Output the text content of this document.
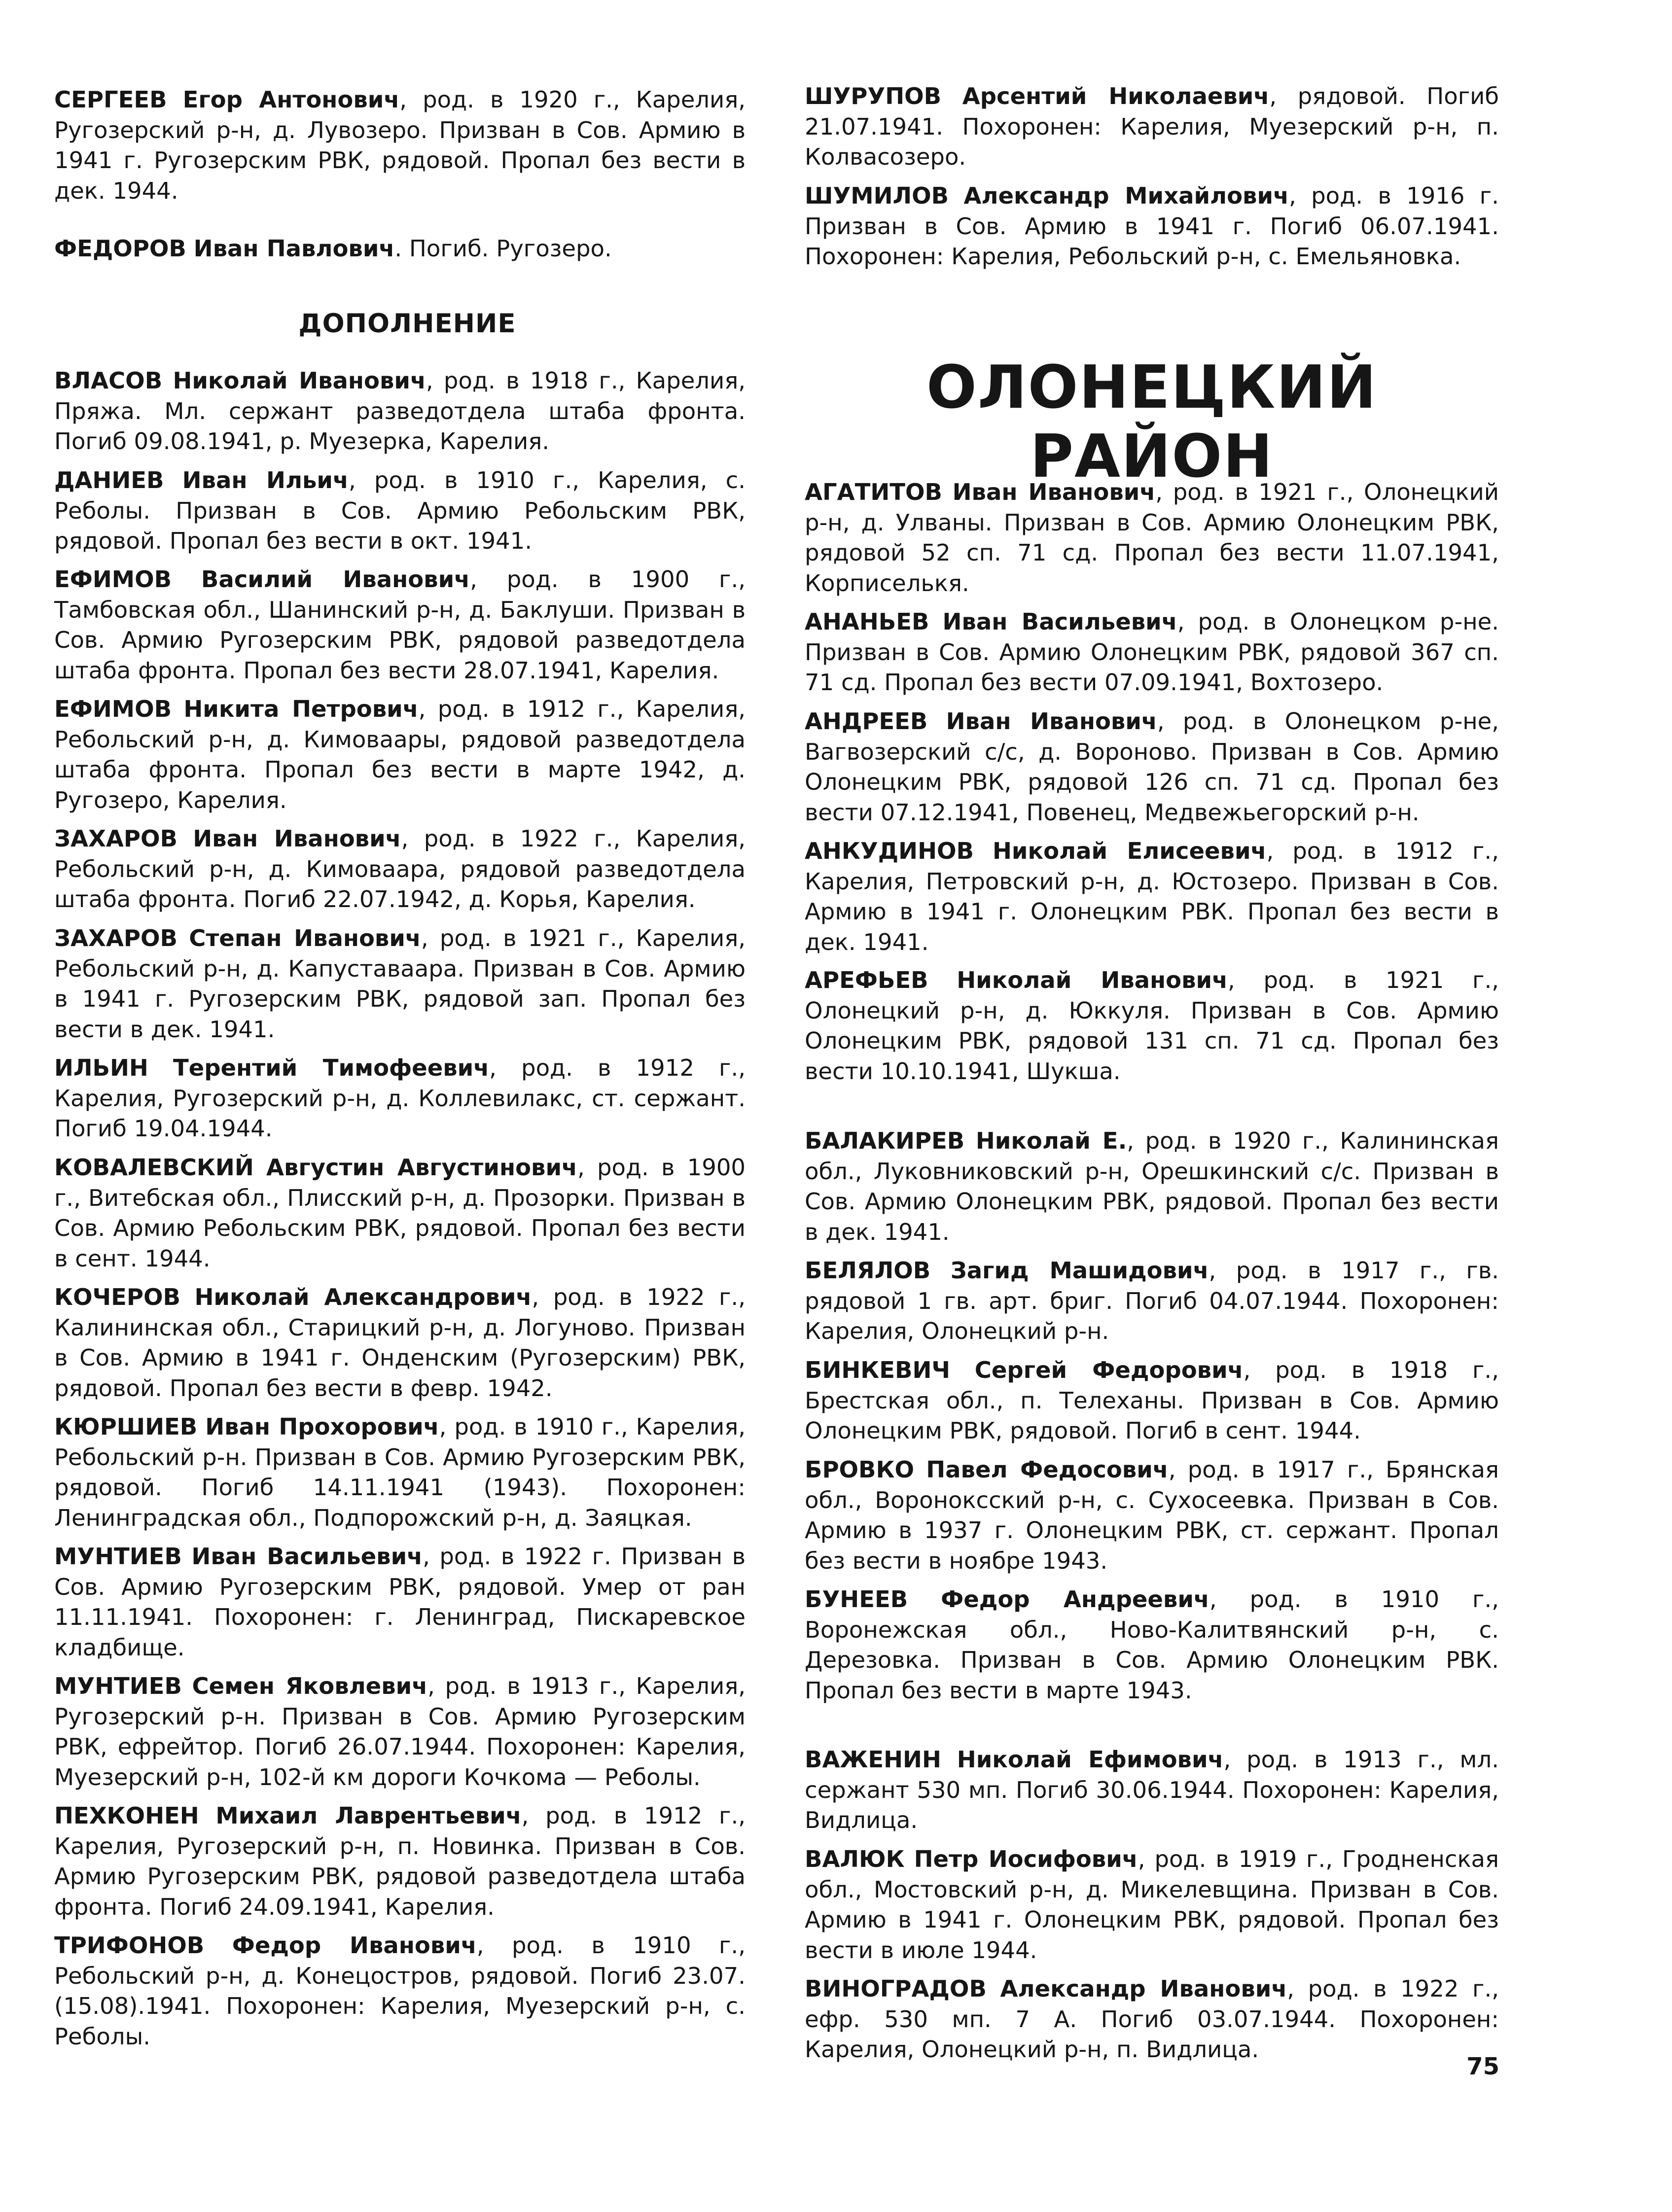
СЕРГЕЕВ Егор Антонович, род. в 1920 г., Карелия, Ругозерский р-н, д. Лувозеро. Призван в Сов. Армию в 1941 г. Ругозерским РВК, рядовой. Пропал без вести в дек. 1944.

ФЕДОРОВ Иван Павлович. Погиб. Ругозеро.

ДОПОЛНЕНИЕ

ВЛАСОВ Николай Иванович, род. в 1918 г., Карелия, Пряжа. Мл. сержант разведотдела штаба фронта. Погиб 09.08.1941, р. Муезерка, Карелия.

ДАНИЕВ Иван Ильич, род. в 1910 г., Карелия, с. Реболы. Призван в Сов. Армию Ребольским РВК, рядовой. Пропал без вести в окт. 1941.

ЕФИМОВ Василий Иванович, род. в 1900 г., Тамбовская обл., Шанинский р-н, д. Баклуши. Призван в Сов. Армию Ругозерским РВК, рядовой разведотдела штаба фронта. Пропал без вести 28.07.1941, Карелия.

ЕФИМОВ Никита Петрович, род. в 1912 г., Карелия, Ребольский р-н, д. Кимоваары, рядовой разведотдела штаба фронта. Пропал без вести в марте 1942, д. Ругозеро, Карелия.

ЗАХАРОВ Иван Иванович, род. в 1922 г., Карелия, Ребольский р-н, д. Кимоваара, рядовой разведотдела штаба фронта. Погиб 22.07.1942, д. Корья, Карелия.

ЗАХАРОВ Степан Иванович, род. в 1921 г., Карелия, Ребольский р-н, д. Капуставаара. Призван в Сов. Армию в 1941 г. Ругозерским РВК, рядовой зап. Пропал без вести в дек. 1941.

ИЛЬИН Терентий Тимофеевич, род. в 1912 г., Карелия, Ругозерский р-н, д. Коллевилакс, ст. сержант. Погиб 19.04.1944.

КОВАЛЕВСКИЙ Августин Августинович, род. в 1900 г., Витебская обл., Плисский р-н, д. Прозорки. Призван в Сов. Армию Ребольским РВК, рядовой. Пропал без вести в сент. 1944.

КОЧЕРОВ Николай Александрович, род. в 1922 г., Калининская обл., Старицкий р-н, д. Логуново. Призван в Сов. Армию в 1941 г. Онденским (Ругозерским) РВК, рядовой. Пропал без вести в февр. 1942.

КЮРШИЕВ Иван Прохорович, род. в 1910 г., Карелия, Ребольский р-н. Призван в Сов. Армию Ругозерским РВК, рядовой. Погиб 14.11.1941 (1943). Похоронен: Ленинградская обл., Подпорожский р-н, д. Заяцкая.

МУНТИЕВ Иван Васильевич, род. в 1922 г. Призван в Сов. Армию Ругозерским РВК, рядовой. Умер от ран 11.11.1941. Похоронен: г. Ленинград, Пискаревское кладбище.

МУНТИЕВ Семен Яковлевич, род. в 1913 г., Карелия, Ругозерский р-н. Призван в Сов. Армию Ругозерским РВК, ефрейтор. Погиб 26.07.1944. Похоронен: Карелия, Муезерский р-н, 102-й км дороги Кочкома — Реболы.

ПЕХКОНЕН Михаил Лаврентьевич, род. в 1912 г., Карелия, Ругозерский р-н, п. Новинка. Призван в Сов. Армию Ругозерским РВК, рядовой разведотдела штаба фронта. Погиб 24.09.1941, Карелия.

ТРИФОНОВ Федор Иванович, род. в 1910 г., Ребольский р-н, д. Конецостров, рядовой. Погиб 23.07.(15.08).1941. Похоронен: Карелия, Муезерский р-н, с. Реболы.

ШУРУПОВ Арсентий Николаевич, рядовой. Погиб 21.07.1941. Похоронен: Карелия, Муезерский р-н, п. Колвасозеро.

ШУМИЛОВ Александр Михайлович, род. в 1916 г. Призван в Сов. Армию в 1941 г. Погиб 06.07.1941. Похоронен: Карелия, Ребольский р-н, с. Емельяновка.

ОЛОНЕЦКИЙ РАЙОН

АГАТИТОВ Иван Иванович, род. в 1921 г., Олонецкий р-н, д. Улваны. Призван в Сов. Армию Олонецким РВК, рядовой 52 сп. 71 сд. Пропал без вести 11.07.1941, Корписелькя.

АНАНЬЕВ Иван Васильевич, род. в Олонецком р-не. Призван в Сов. Армию Олонецким РВК, рядовой 367 сп. 71 сд. Пропал без вести 07.09.1941, Вохтозеро.

АНДРЕЕВ Иван Иванович, род. в Олонецком р-не, Вагвозерский с/с, д. Вороново. Призван в Сов. Армию Олонецким РВК, рядовой 126 сп. 71 сд. Пропал без вести 07.12.1941, Повенец, Медвежьегорский р-н.

АНКУДИНОВ Николай Елисеевич, род. в 1912 г., Карелия, Петровский р-н, д. Юстозеро. Призван в Сов. Армию в 1941 г. Олонецким РВК. Пропал без вести в дек. 1941.

АРЕФЬЕВ Николай Иванович, род. в 1921 г., Олонецкий р-н, д. Юккуля. Призван в Сов. Армию Олонецким РВК, рядовой 131 сп. 71 сд. Пропал без вести 10.10.1941, Шукша.

БАЛАКИРЕВ Николай Е., род. в 1920 г., Калининская обл., Луковниковский р-н, Орешкинский с/с. Призван в Сов. Армию Олонецким РВК, рядовой. Пропал без вести в дек. 1941.

БЕЛЯЛОВ Загид Машидович, род. в 1917 г., гв. рядовой 1 гв. арт. бриг. Погиб 04.07.1944. Похоронен: Карелия, Олонецкий р-н.

БИНКЕВИЧ Сергей Федорович, род. в 1918 г., Брестская обл., п. Телеханы. Призван в Сов. Армию Олонецким РВК, рядовой. Погиб в сент. 1944.

БРОВКО Павел Федосович, род. в 1917 г., Брянская обл., Вороноксский р-н, с. Сухосеевка. Призван в Сов. Армию в 1937 г. Олонецким РВК, ст. сержант. Пропал без вести в ноябре 1943.

БУНЕЕВ Федор Андреевич, род. в 1910 г., Воронежская обл., Ново-Калитвянский р-н, с. Дерезовка. Призван в Сов. Армию Олонецким РВК. Пропал без вести в марте 1943.

ВАЖЕНИН Николай Ефимович, род. в 1913 г., мл. сержант 530 мп. Погиб 30.06.1944. Похоронен: Карелия, Видлица.

ВАЛЮК Петр Иосифович, род. в 1919 г., Гродненская обл., Мостовский р-н, д. Микелевщина. Призван в Сов. Армию в 1941 г. Олонецким РВК, рядовой. Пропал без вести в июле 1944.

ВИНОГРАДОВ Александр Иванович, род. в 1922 г., ефр. 530 мп. 7 А. Погиб 03.07.1944. Похоронен: Карелия, Олонецкий р-н, п. Видлица.

75
